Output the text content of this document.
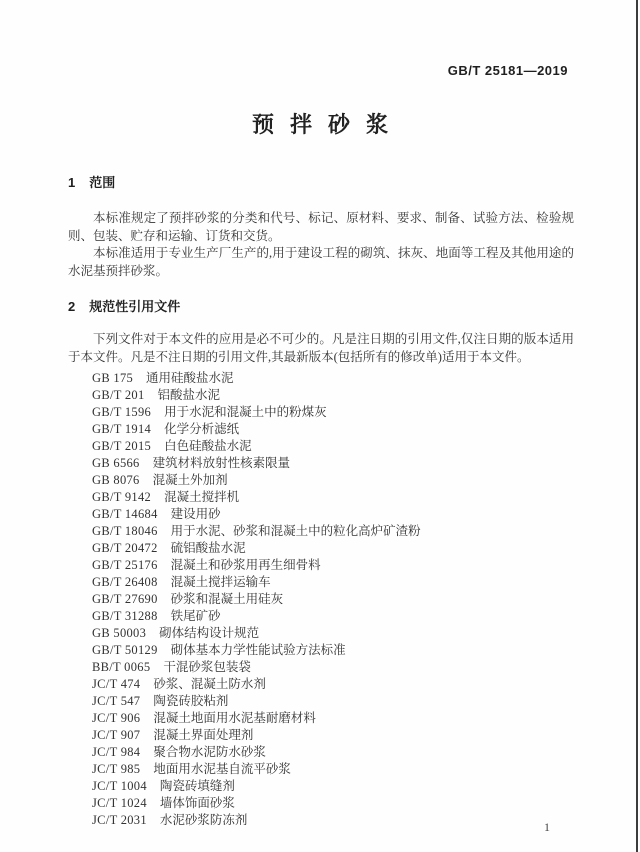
GB/T 25181—2019
预拌砂浆
1 范围

本标准规定了预拌砂浆的分类和代号、标记、原材料、要求、制备、试验方法、检验规则、包装、贮存和运输、订货和交货。

本标准适用于专业生产厂生产的,用于建设工程的砌筑、抹灰、地面等工程及其他用途的水泥基预拌砂浆。

2 规范性引用文件

下列文件对于本文件的应用是必不可少的。凡是注日期的引用文件,仅注日期的版本适用于本文件。凡是不注日期的引用文件,其最新版本(包括所有的修改单)适用于本文件。

GB 175 通用硅酸盐水泥
GB/T 201 铝酸盐水泥
GB/T 1596 用于水泥和混凝土中的粉煤灰
GB/T 1914 化学分析滤纸
GB/T 2015 白色硅酸盐水泥
GB 6566 建筑材料放射性核素限量
GB 8076 混凝土外加剂
GB/T 9142 混凝土搅拌机
GB/T 14684 建设用砂
GB/T 18046 用于水泥、砂浆和混凝土中的粒化高炉矿渣粉
GB/T 20472 硫铝酸盐水泥
GB/T 25176 混凝土和砂浆用再生细骨料
GB/T 26408 混凝土搅拌运输车
GB/T 27690 砂浆和混凝土用硅灰
GB/T 31288 铁尾矿砂
GB 50003 砌体结构设计规范
GB/T 50129 砌体基本力学性能试验方法标准
BB/T 0065 干混砂浆包装袋
JC/T 474 砂浆、混凝土防水剂
JC/T 547 陶瓷砖胶粘剂
JC/T 906 混凝土地面用水泥基耐磨材料
JC/T 907 混凝土界面处理剂
JC/T 984 聚合物水泥防水砂浆
JC/T 985 地面用水泥基自流平砂浆
JC/T 1004 陶瓷砖填缝剂
JC/T 1024 墙体饰面砂浆
JC/T 2031 水泥砂浆防冻剂	1
